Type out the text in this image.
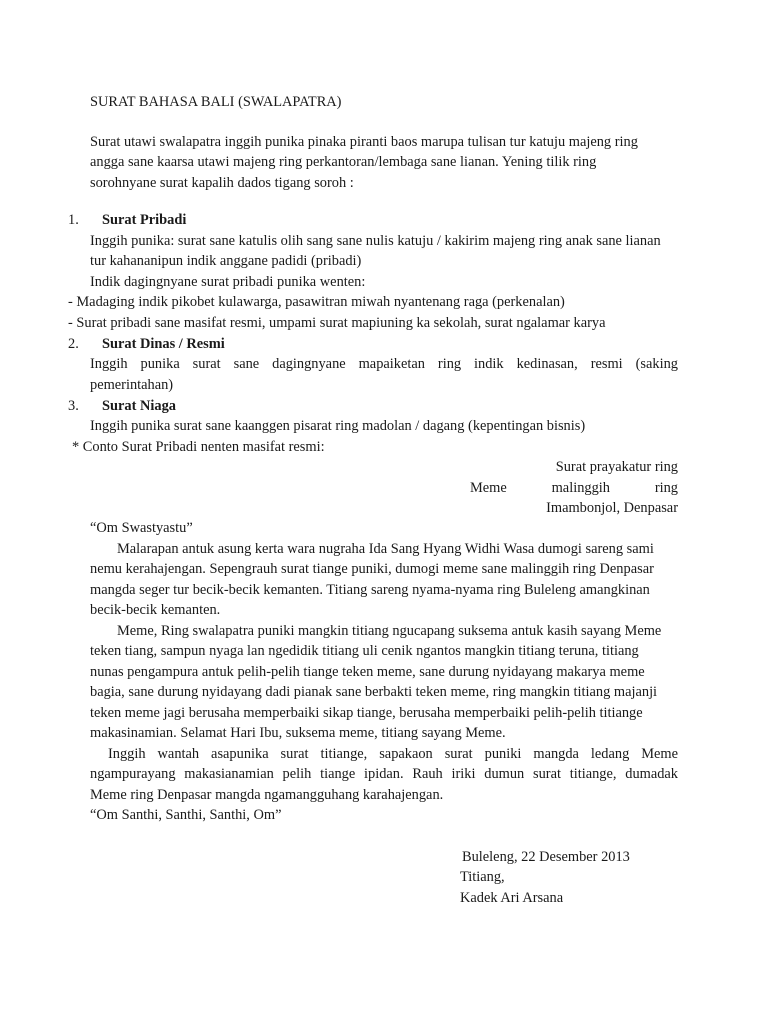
SURAT BAHASA BALI (SWALAPATRA)
Surat utawi swalapatra inggih punika pinaka piranti baos marupa tulisan tur katuju majeng ring
angga sane kaarsa utawi majeng ring perkantoran/lembaga sane lianan. Yening tilik ring
sorohnyane surat kapalih dados tigang soroh :
1. Surat Pribadi
Inggih punika: surat sane katulis olih sang sane nulis katuju / kakirim majeng ring anak sane lianan
tur kahananipun indik anggane padidi (pribadi)
Indik dagingnyane surat pribadi punika wenten:
- Madaging indik pikobet kulawarga, pasawitran miwah nyantenang raga (perkenalan)
- Surat pribadi sane masifat resmi, umpami surat mapiuning ka sekolah, surat ngalamar karya
2. Surat Dinas / Resmi
Inggih punika surat sane dagingnyane mapaiketan ring indik kedinasan, resmi (saking
pemerintahan)
3. Surat Niaga
Inggih punika surat sane kaanggen pisarat ring madolan / dagang (kepentingan bisnis)
* Conto Surat Pribadi nenten masifat resmi:
Surat prayakatur ring
Meme malinggih ring
Imambonjol, Denpasar
“Om Swastyastu”
Malarapan antuk asung kerta wara nugraha Ida Sang Hyang Widhi Wasa dumogi sareng sami
nemu kerahajengan. Sepengrauh surat tiange puniki, dumogi meme sane malinggih ring Denpasar
mangda seger tur becik-becik kemanten. Titiang sareng nyama-nyama ring Buleleng amangkinan
becik-becik kemanten.
Meme, Ring swalapatra puniki mangkin titiang ngucapang suksema antuk kasih sayang Meme
teken tiang, sampun nyaga lan ngedidik titiang uli cenik ngantos mangkin titiang teruna, titiang
nunas pengampura antuk pelih-pelih tiange teken meme, sane durung nyidayang makarya meme
bagia, sane durung nyidayang dadi pianak sane berbakti teken meme, ring mangkin titiang majanji
teken meme jagi berusaha memperbaiki sikap tiange, berusaha memperbaiki pelih-pelih titiange
makasinamian. Selamat Hari Ibu, suksema meme, titiang sayang Meme.
Inggih wantah asapunika surat titiange, sapakaon surat puniki mangda ledang Meme
ngampurayang makasianamian pelih tiange ipidan. Rauh iriki dumun surat titiange, dumadak
Meme ring Denpasar mangda ngamangguhang karahajengan.
“Om Santhi, Santhi, Santhi, Om”
Buleleng, 22 Desember 2013
Titiang,
Kadek Ari Arsana
